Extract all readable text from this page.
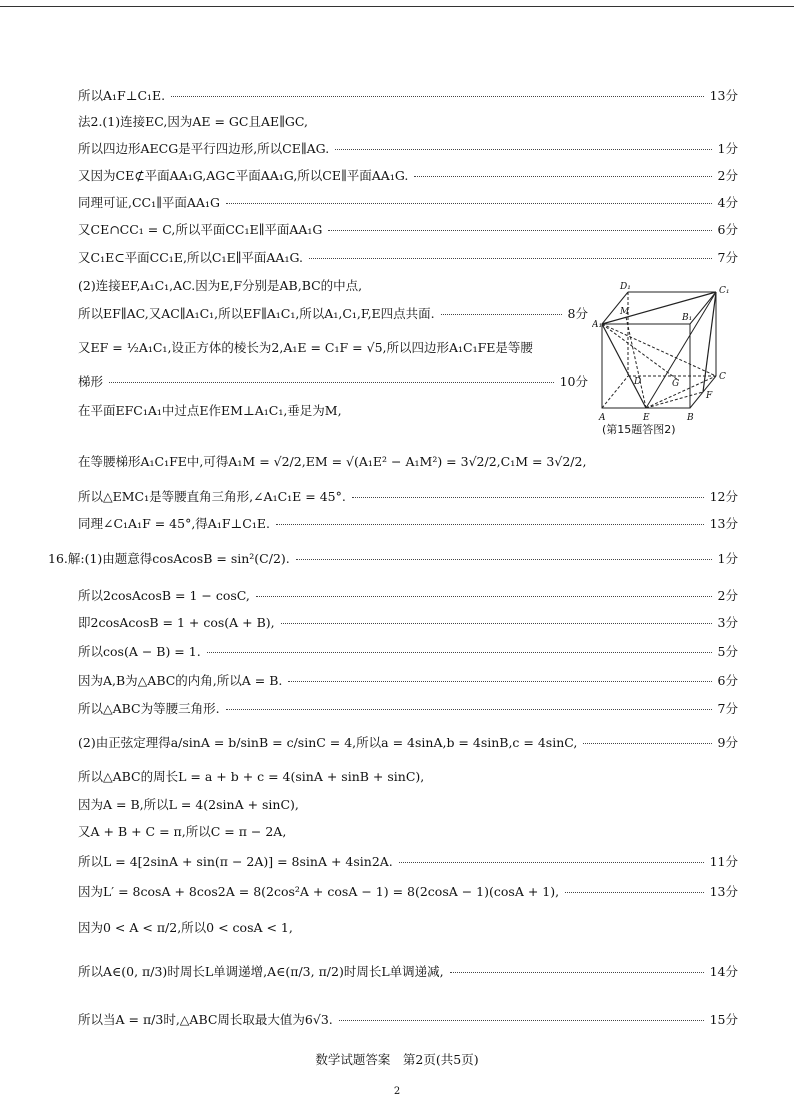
所以A₁F⊥C₁E.	13分
法2.(1)连接EC,因为AE = GC且AE∥GC,
所以四边形AECG是平行四边形,所以CE∥AG.	1分
又因为CE⊄平面AA₁G,AG⊂平面AA₁G,所以CE∥平面AA₁G.	2分
同理可证,CC₁∥平面AA₁G	4分
又CE∩CC₁ = C,所以平面CC₁E∥平面AA₁G	6分
又C₁E⊂平面CC₁E,所以C₁E∥平面AA₁G.	7分
(2)连接EF,A₁C₁,AC.因为E,F分别是AB,BC的中点,
所以EF∥AC,又AC∥A₁C₁,所以EF∥A₁C₁,所以A₁,C₁,F,E四点共面.	8分
又EF = ½A₁C₁,设正方体的棱长为2,A₁E = C₁F = √5,所以四边形A₁C₁FE是等腰
梯形	10分
在平面EFC₁A₁中过点E作EM⊥A₁C₁,垂足为M,
在等腰梯形A₁C₁FE中,可得A₁M = √2/2,EM = √(A₁E² − A₁M²) = 3√2/2,C₁M = 3√2/2,
所以△EMC₁是等腰直角三角形,∠A₁C₁E = 45°.	12分
同理∠C₁A₁F = 45°,得A₁F⊥C₁E.	13分
16.解:(1)由题意得cosAcosB = sin²(C/2).	1分
所以2cosAcosB = 1 − cosC,	2分
即2cosAcosB = 1 + cos(A + B),	3分
所以cos(A − B) = 1.	5分
因为A,B为△ABC的内角,所以A = B.	6分
所以△ABC为等腰三角形.	7分
(2)由正弦定理得a/sinA = b/sinB = c/sinC = 4,所以a = 4sinA,b = 4sinB,c = 4sinC,	9分
所以△ABC的周长L = a + b + c = 4(sinA + sinB + sinC),
因为A = B,所以L = 4(2sinA + sinC),
又A + B + C = π,所以C = π − 2A,
所以L = 4[2sinA + sin(π − 2A)] = 8sinA + 4sin2A.	11分
因为L′ = 8cosA + 8cos2A = 8(2cos²A + cosA − 1) = 8(2cosA − 1)(cosA + 1),	13分
因为0 < A < π/2,所以0 < cosA < 1,
所以A∈(0, π/3)时周长L单调递增,A∈(π/3, π/2)时周长L单调递减,	14分
所以当A = π/3时,△ABC周长取最大值为6√3.	15分
D₁	C₁
A₁
B₁
M
D	G
C
F
A	E	B
(第15题答图2)
数学试题答案　第2页(共5页)
2
